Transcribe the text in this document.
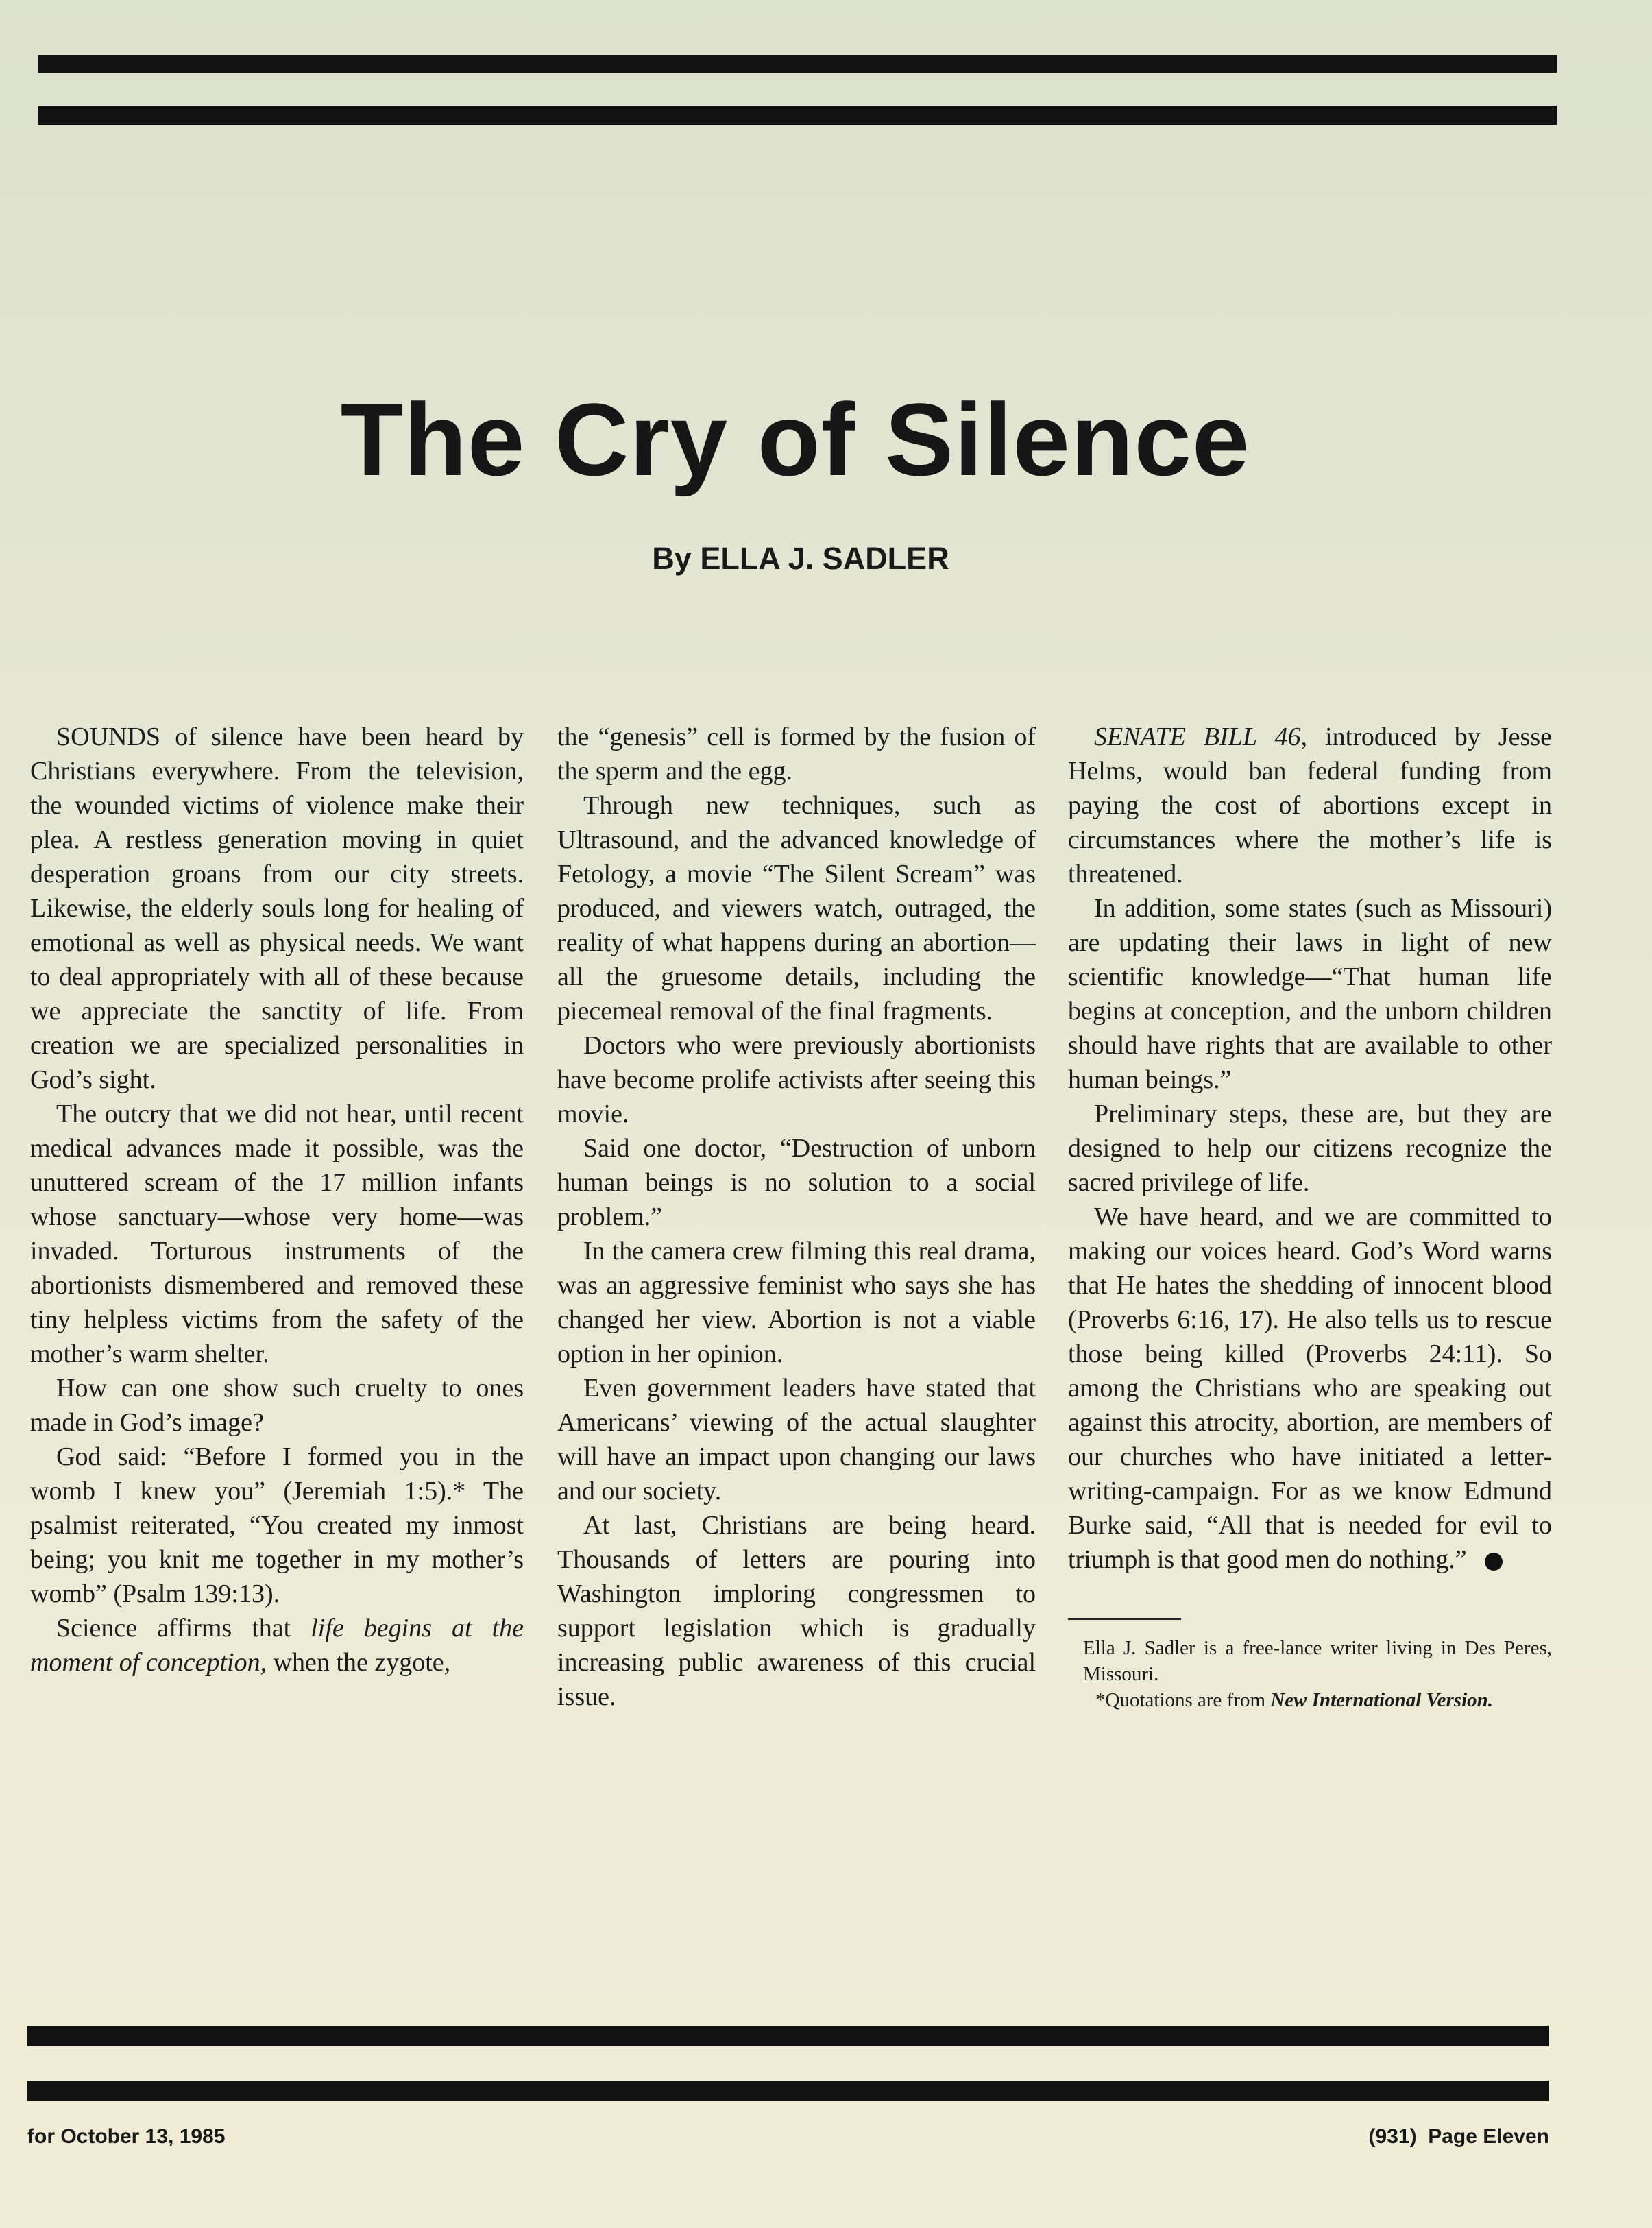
The Cry of Silence
By ELLA J. SADLER

SOUNDS of silence have been heard by Christians everywhere. From the television, the wounded victims of violence make their plea. A restless generation moving in quiet desperation groans from our city streets. Likewise, the elderly souls long for healing of emotional as well as physical needs. We want to deal appropriately with all of these because we appreciate the sanctity of life. From creation we are specialized personalities in God’s sight.

The outcry that we did not hear, until recent medical advances made it possible, was the unuttered scream of the 17 million infants whose sanctuary—whose very home—was invaded. Torturous instruments of the abortionists dismembered and removed these tiny helpless victims from the safety of the mother’s warm shelter.

How can one show such cruelty to ones made in God’s image?

God said: “Before I formed you in the womb I knew you” (Jeremiah 1:5).* The psalmist reiterated, “You created my inmost being; you knit me together in my mother’s womb” (Psalm 139:13).

Science affirms that life begins at the moment of conception, when the zygote,

the “genesis” cell is formed by the fusion of the sperm and the egg.

Through new techniques, such as Ultrasound, and the advanced knowledge of Fetology, a movie “The Silent Scream” was produced, and viewers watch, outraged, the reality of what happens during an abortion—all the gruesome details, including the piecemeal removal of the final fragments.

Doctors who were previously abortionists have become prolife activists after seeing this movie.

Said one doctor, “Destruction of unborn human beings is no solution to a social problem.”

In the camera crew filming this real drama, was an aggressive feminist who says she has changed her view. Abortion is not a viable option in her opinion.

Even government leaders have stated that Americans’ viewing of the actual slaughter will have an impact upon changing our laws and our society.

At last, Christians are being heard. Thousands of letters are pouring into Washington imploring congressmen to support legislation which is gradually increasing public awareness of this crucial issue.

SENATE BILL 46, introduced by Jesse Helms, would ban federal funding from paying the cost of abortions except in circumstances where the mother’s life is threatened.

In addition, some states (such as Missouri) are updating their laws in light of new scientific knowledge—“That human life begins at conception, and the unborn children should have rights that are available to other human beings.”

Preliminary steps, these are, but they are designed to help our citizens recognize the sacred privilege of life.

We have heard, and we are committed to making our voices heard. God’s Word warns that He hates the shedding of innocent blood (Proverbs 6:16, 17). He also tells us to rescue those being killed (Proverbs 24:11). So among the Christians who are speaking out against this atrocity, abortion, are members of our churches who have initiated a letter-writing-campaign. For as we know Edmund Burke said, “All that is needed for evil to triumph is that good men do nothing.”

Ella J. Sadler is a free-lance writer living in Des Peres, Missouri.

*Quotations are from New International Version.

for October 13, 1985	(931)  Page Eleven
